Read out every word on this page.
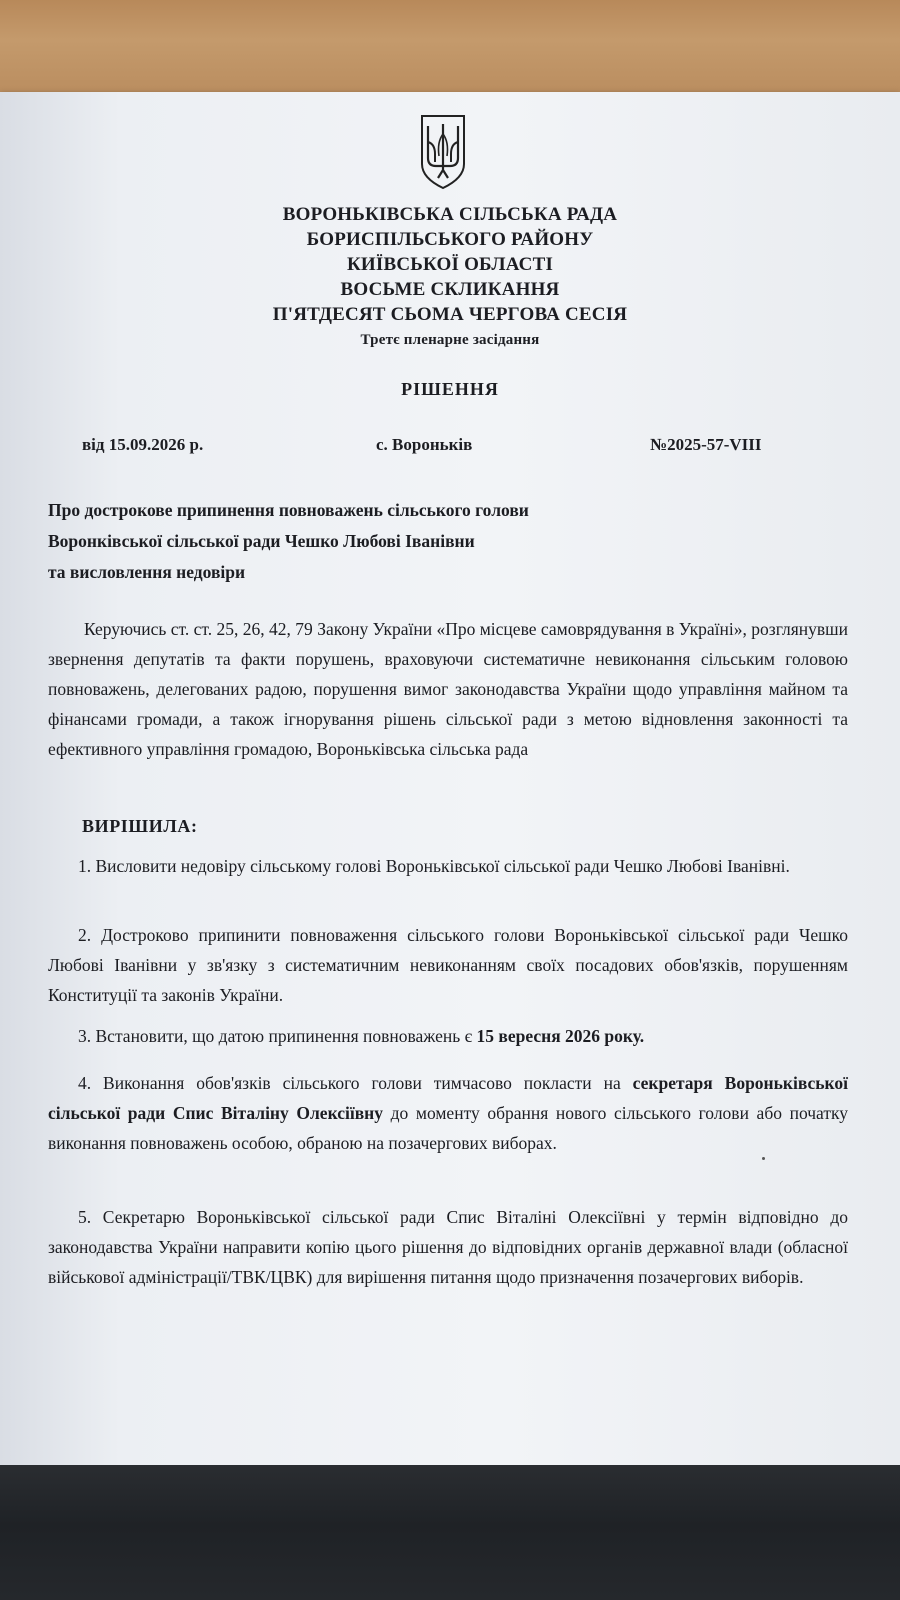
ВОРОНЬКІВСЬКА СІЛЬСЬКА РАДА
БОРИСПІЛЬСЬКОГО РАЙОНУ
КИЇВСЬКОЇ ОБЛАСТІ
ВОСЬМЕ СКЛИКАННЯ
П'ЯТДЕСЯТ СЬОМА ЧЕРГОВА СЕСІЯ
Третє пленарне засідання
РІШЕННЯ
від 15.09.2026 р.	с. Вороньків	№2025-57-VIII
Про дострокове припинення повноважень сільського голови
Воронківської сільської ради Чешко Любові Іванівни
та висловлення недовіри

Керуючись ст. ст. 25, 26, 42, 79 Закону України «Про місцеве самоврядування в Україні», розглянувши звернення депутатів та факти порушень, враховуючи систематичне невиконання сільським головою повноважень, делегованих радою, порушення вимог законодавства України щодо управління майном та фінансами громади, а також ігнорування рішень сільської ради з метою відновлення законності та ефективного управління громадою, Вороньківська сільська рада

ВИРІШИЛА:

1. Висловити недовіру сільському голові Вороньківської сільської ради Чешко Любові Іванівні.

2. Достроково припинити повноваження сільського голови Вороньківської сільської ради Чешко Любові Іванівни у зв'язку з систематичним невиконанням своїх посадових обов'язків, порушенням Конституції та законів України.

3. Встановити, що датою припинення повноважень є 15 вересня 2026 року.

4. Виконання обов'язків сільського голови тимчасово покласти на секретаря Вороньківської сільської ради Спис Віталіну Олексіївну до моменту обрання нового сільського голови або початку виконання повноважень особою, обраною на позачергових виборах.

5. Секретарю Вороньківської сільської ради Спис Віталіні Олексіївні у термін відповідно до законодавства України направити копію цього рішення до відповідних органів державної влади (обласної військової адміністрації/ТВК/ЦВК) для вирішення питання щодо призначення позачергових виборів.
